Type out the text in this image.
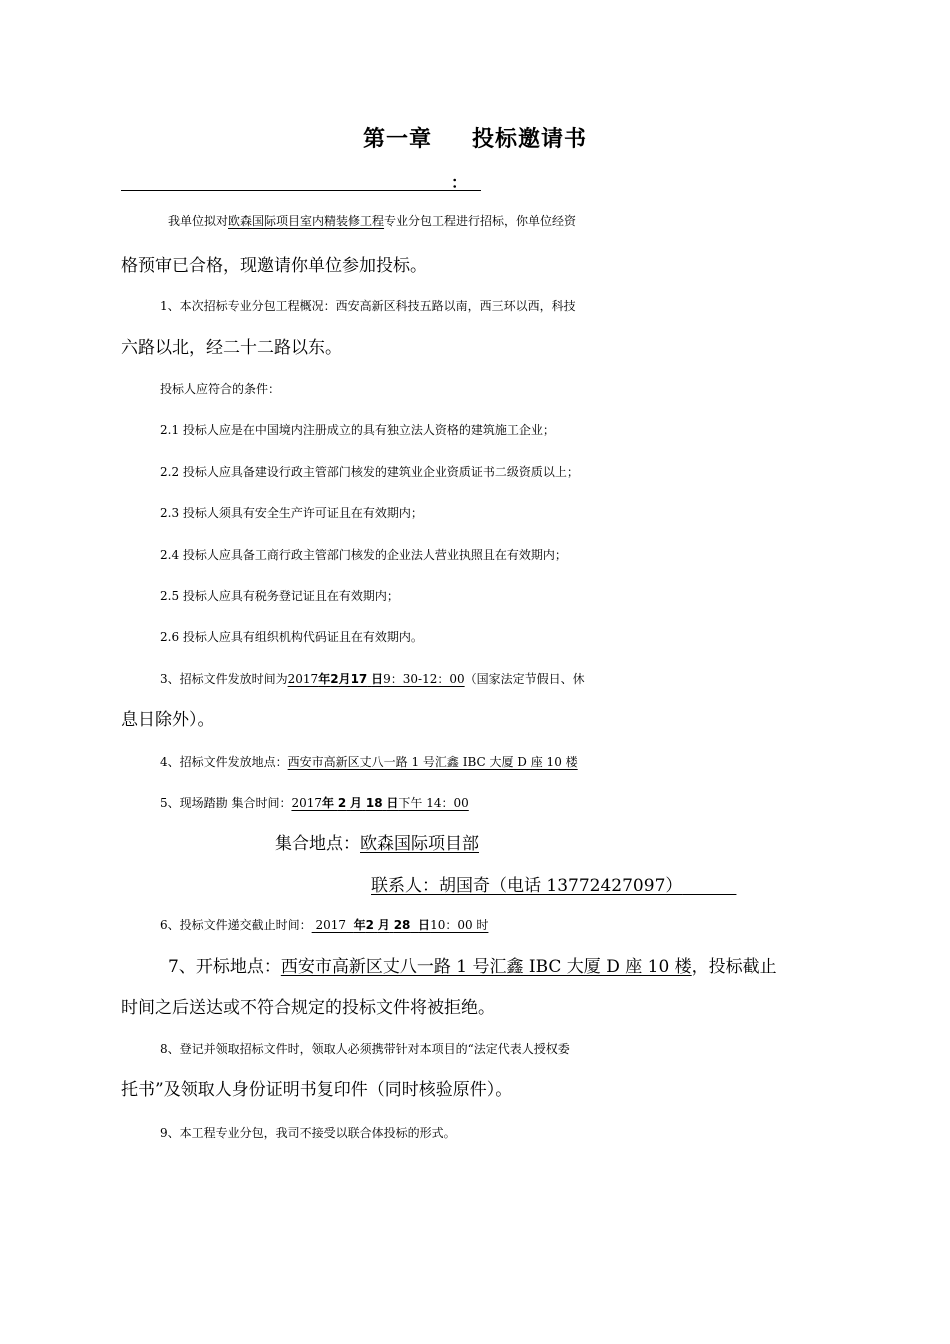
第一章 投标邀请书
：
我单位拟对欧森国际项目室内精装修工程专业分包工程进行招标，你单位经资
格预审已合格，现邀请你单位参加投标。
1、本次招标专业分包工程概况：西安高新区科技五路以南，西三环以西，科技
六路以北，经二十二路以东。
投标人应符合的条件：
2.1 投标人应是在中国境内注册成立的具有独立法人资格的建筑施工企业；
2.2 投标人应具备建设行政主管部门核发的建筑业企业资质证书二级资质以上；
2.3 投标人须具有安全生产许可证且在有效期内；
2.4 投标人应具备工商行政主管部门核发的企业法人营业执照且在有效期内；
2.5 投标人应具有税务登记证且在有效期内；
2.6 投标人应具有组织机构代码证且在有效期内。
3、招标文件发放时间为2017年2月17 日9：30-12：00（国家法定节假日、休
息日除外）。
4、招标文件发放地点：西安市高新区丈八一路 1 号汇鑫 IBC 大厦 D 座 10 楼
5、现场踏勘 集合时间：2017年 2 月 18 日下午 14：00
集合地点：欧森国际项目部
联系人：胡国奇（电话 13772427097）
6、投标文件递交截止时间： 2017 年2 月 28 日10：00 时
7、开标地点：西安市高新区丈八一路 1 号汇鑫 IBC 大厦 D 座 10 楼，投标截止
时间之后送达或不符合规定的投标文件将被拒绝。
8、登记并领取招标文件时，领取人必须携带针对本项目的“法定代表人授权委
托书”及领取人身份证明书复印件（同时核验原件）。
9、本工程专业分包，我司不接受以联合体投标的形式。
